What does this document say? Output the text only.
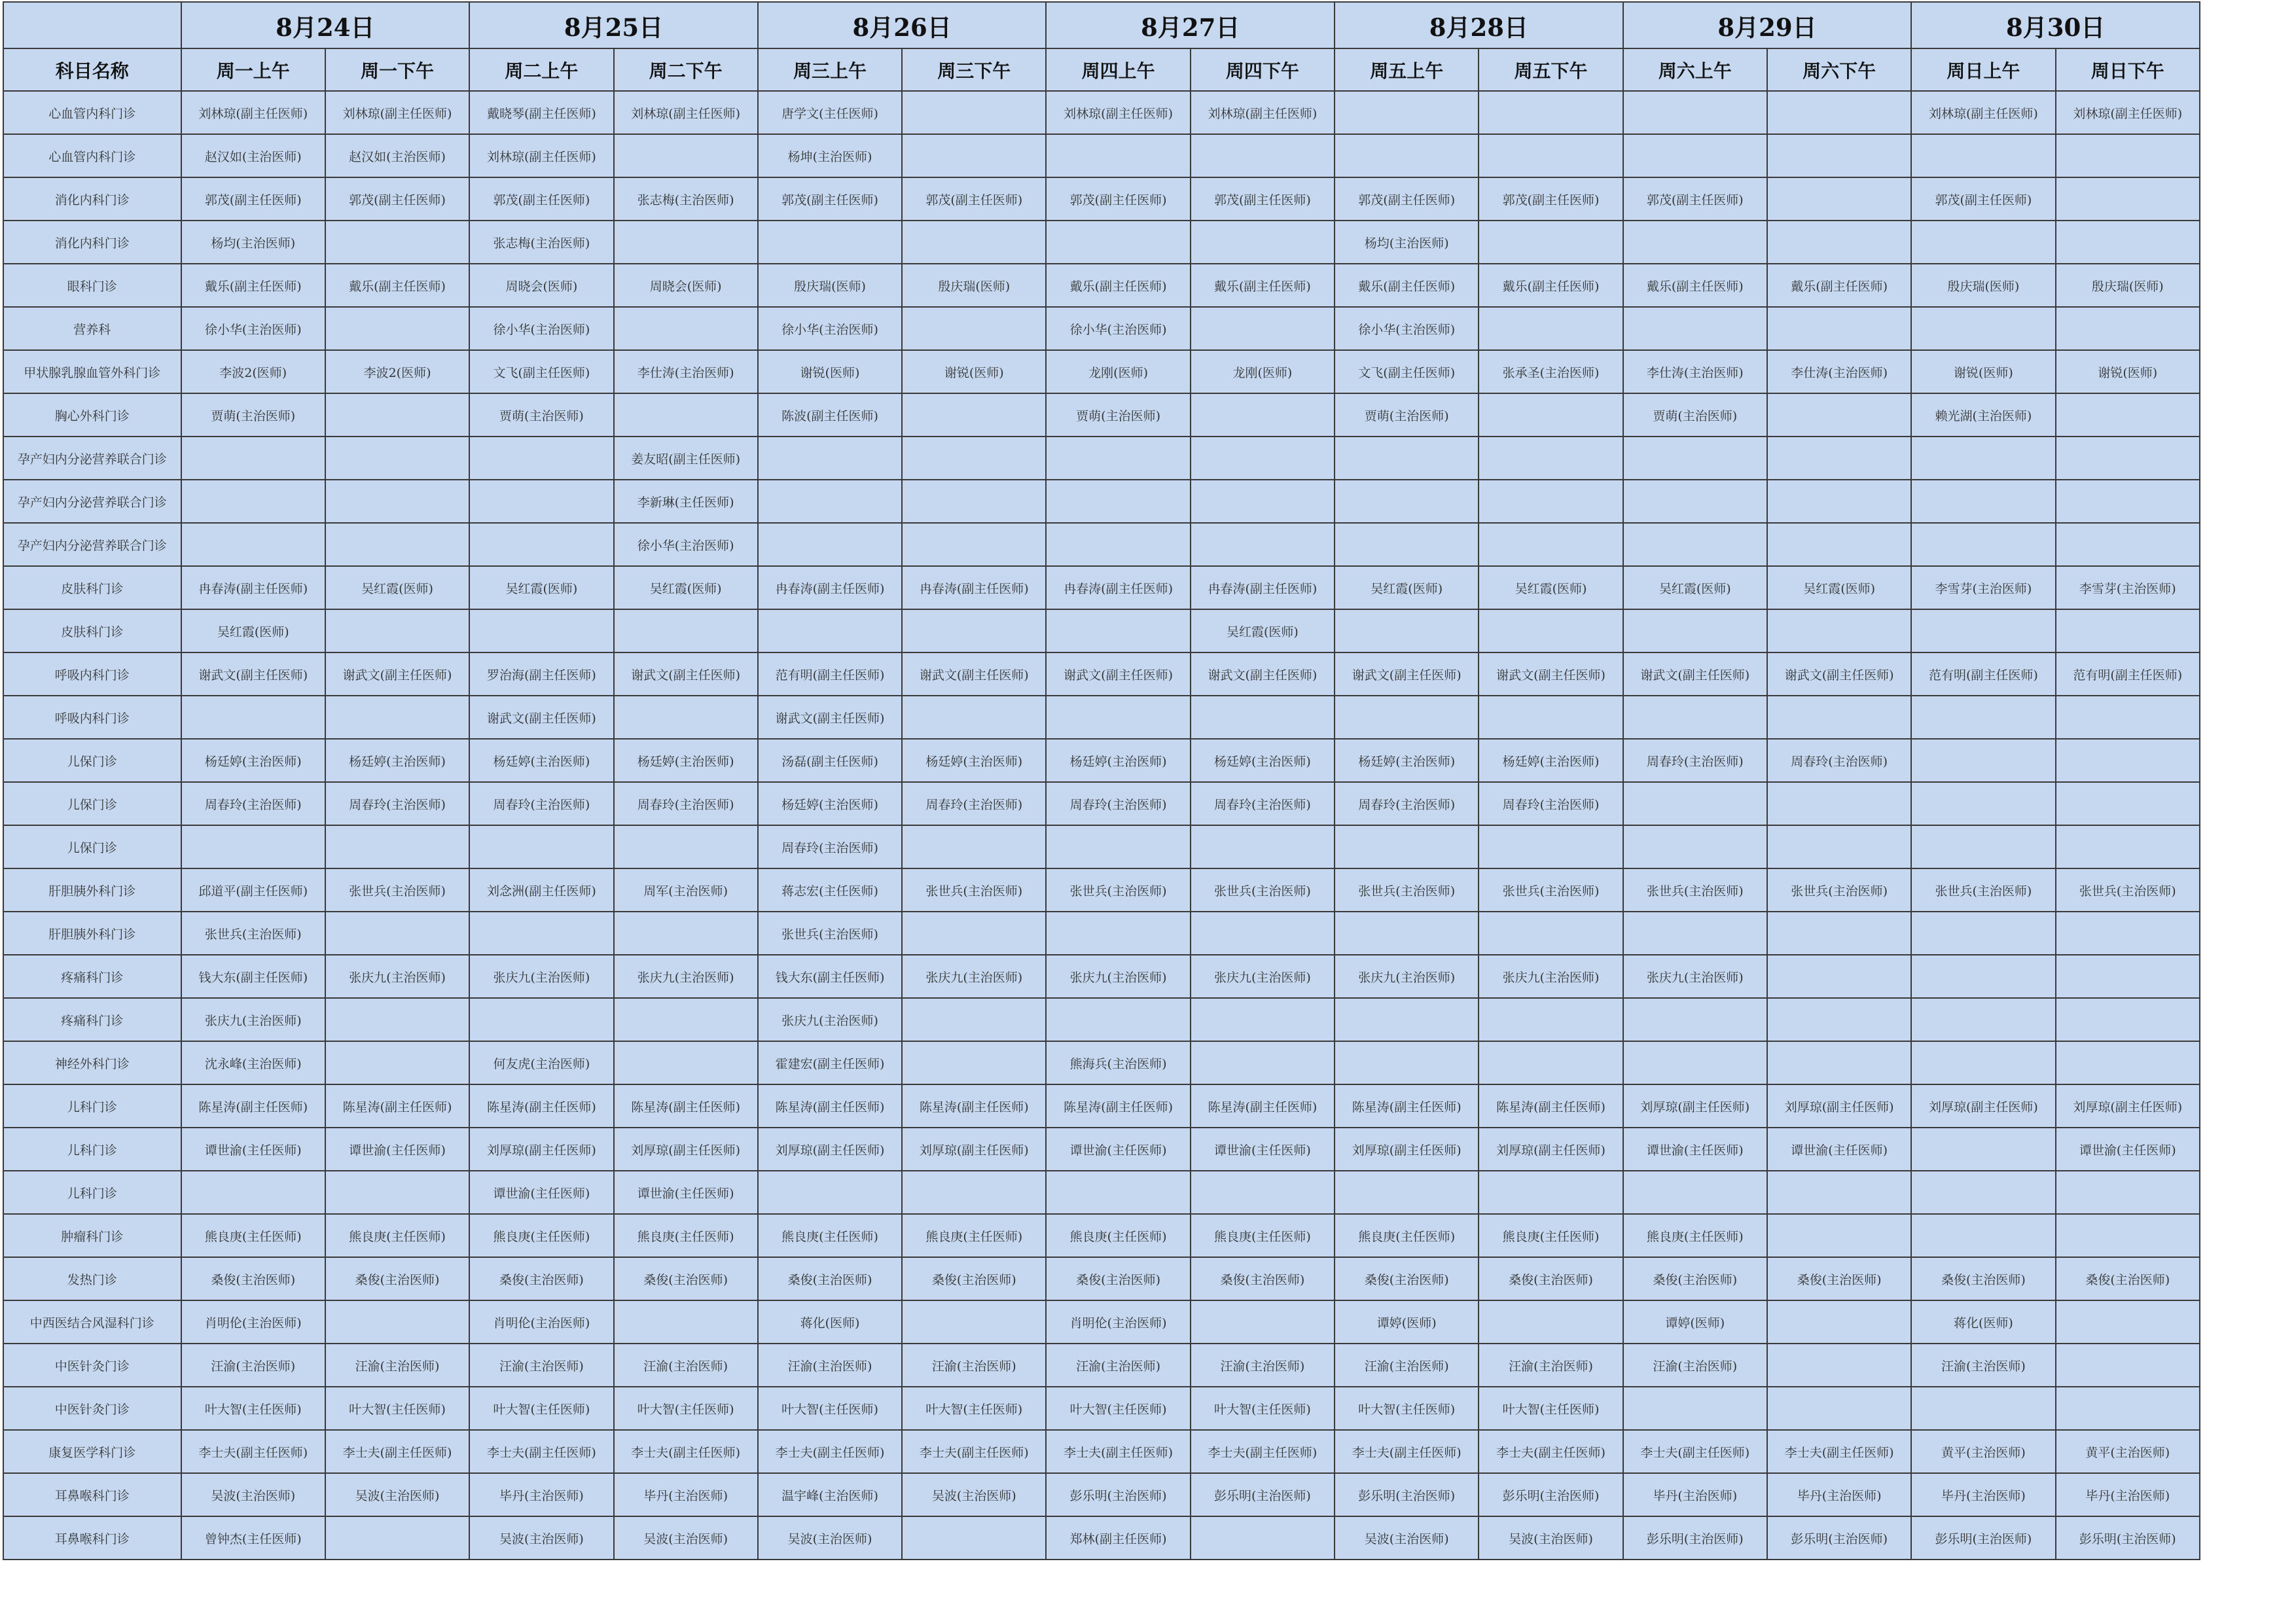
	8月24日		8月25日		8月26日		8月27日		8月28日		8月29日		8月30日	
科目名称	周一上午	周一下午	周二上午	周二下午	周三上午	周三下午	周四上午	周四下午	周五上午	周五下午	周六上午	周六下午	周日上午	周日下午
心血管内科门诊	刘林琼(副主任医师)	刘林琼(副主任医师)	戴晓琴(副主任医师)	刘林琼(副主任医师)	唐学文(主任医师)		刘林琼(副主任医师)	刘林琼(副主任医师)					刘林琼(副主任医师)	刘林琼(副主任医师)
心血管内科门诊	赵汉如(主治医师)	赵汉如(主治医师)	刘林琼(副主任医师)		杨坤(主治医师)									
消化内科门诊	郭茂(副主任医师)	郭茂(副主任医师)	郭茂(副主任医师)	张志梅(主治医师)	郭茂(副主任医师)	郭茂(副主任医师)	郭茂(副主任医师)	郭茂(副主任医师)	郭茂(副主任医师)	郭茂(副主任医师)	郭茂(副主任医师)		郭茂(副主任医师)	
消化内科门诊	杨均(主治医师)		张志梅(主治医师)						杨均(主治医师)					
眼科门诊	戴乐(副主任医师)	戴乐(副主任医师)	周晓会(医师)	周晓会(医师)	殷庆瑞(医师)	殷庆瑞(医师)	戴乐(副主任医师)	戴乐(副主任医师)	戴乐(副主任医师)	戴乐(副主任医师)	戴乐(副主任医师)	戴乐(副主任医师)	殷庆瑞(医师)	殷庆瑞(医师)
营养科	徐小华(主治医师)		徐小华(主治医师)		徐小华(主治医师)		徐小华(主治医师)		徐小华(主治医师)					
甲状腺乳腺血管外科门诊	李波2(医师)	李波2(医师)	文飞(副主任医师)	李仕涛(主治医师)	谢锐(医师)	谢锐(医师)	龙刚(医师)	龙刚(医师)	文飞(副主任医师)	张承圣(主治医师)	李仕涛(主治医师)	李仕涛(主治医师)	谢锐(医师)	谢锐(医师)
胸心外科门诊	贾萌(主治医师)		贾萌(主治医师)		陈波(副主任医师)		贾萌(主治医师)		贾萌(主治医师)		贾萌(主治医师)		赖光湖(主治医师)	
孕产妇内分泌营养联合门诊				姜友昭(副主任医师)										
孕产妇内分泌营养联合门诊				李新琳(主任医师)										
孕产妇内分泌营养联合门诊				徐小华(主治医师)										
皮肤科门诊	冉春涛(副主任医师)	吴红霞(医师)	吴红霞(医师)	吴红霞(医师)	冉春涛(副主任医师)	冉春涛(副主任医师)	冉春涛(副主任医师)	冉春涛(副主任医师)	吴红霞(医师)	吴红霞(医师)	吴红霞(医师)	吴红霞(医师)	李雪芽(主治医师)	李雪芽(主治医师)
皮肤科门诊	吴红霞(医师)							吴红霞(医师)						
呼吸内科门诊	谢武文(副主任医师)	谢武文(副主任医师)	罗治海(副主任医师)	谢武文(副主任医师)	范有明(副主任医师)	谢武文(副主任医师)	谢武文(副主任医师)	谢武文(副主任医师)	谢武文(副主任医师)	谢武文(副主任医师)	谢武文(副主任医师)	谢武文(副主任医师)	范有明(副主任医师)	范有明(副主任医师)
呼吸内科门诊			谢武文(副主任医师)		谢武文(副主任医师)									
儿保门诊	杨廷婷(主治医师)	杨廷婷(主治医师)	杨廷婷(主治医师)	杨廷婷(主治医师)	汤磊(副主任医师)	杨廷婷(主治医师)	杨廷婷(主治医师)	杨廷婷(主治医师)	杨廷婷(主治医师)	杨廷婷(主治医师)	周春玲(主治医师)	周春玲(主治医师)		
儿保门诊	周春玲(主治医师)	周春玲(主治医师)	周春玲(主治医师)	周春玲(主治医师)	杨廷婷(主治医师)	周春玲(主治医师)	周春玲(主治医师)	周春玲(主治医师)	周春玲(主治医师)	周春玲(主治医师)				
儿保门诊					周春玲(主治医师)									
肝胆胰外科门诊	邱道平(副主任医师)	张世兵(主治医师)	刘念洲(副主任医师)	周军(主治医师)	蒋志宏(主任医师)	张世兵(主治医师)	张世兵(主治医师)	张世兵(主治医师)	张世兵(主治医师)	张世兵(主治医师)	张世兵(主治医师)	张世兵(主治医师)	张世兵(主治医师)	张世兵(主治医师)
肝胆胰外科门诊	张世兵(主治医师)				张世兵(主治医师)									
疼痛科门诊	钱大东(副主任医师)	张庆九(主治医师)	张庆九(主治医师)	张庆九(主治医师)	钱大东(副主任医师)	张庆九(主治医师)	张庆九(主治医师)	张庆九(主治医师)	张庆九(主治医师)	张庆九(主治医师)	张庆九(主治医师)			
疼痛科门诊	张庆九(主治医师)				张庆九(主治医师)									
神经外科门诊	沈永峰(主治医师)		何友虎(主治医师)		霍建宏(副主任医师)		熊海兵(主治医师)							
儿科门诊	陈星涛(副主任医师)	陈星涛(副主任医师)	陈星涛(副主任医师)	陈星涛(副主任医师)	陈星涛(副主任医师)	陈星涛(副主任医师)	陈星涛(副主任医师)	陈星涛(副主任医师)	陈星涛(副主任医师)	陈星涛(副主任医师)	刘厚琼(副主任医师)	刘厚琼(副主任医师)	刘厚琼(副主任医师)	刘厚琼(副主任医师)
儿科门诊	谭世渝(主任医师)	谭世渝(主任医师)	刘厚琼(副主任医师)	刘厚琼(副主任医师)	刘厚琼(副主任医师)	刘厚琼(副主任医师)	谭世渝(主任医师)	谭世渝(主任医师)	刘厚琼(副主任医师)	刘厚琼(副主任医师)	谭世渝(主任医师)	谭世渝(主任医师)		谭世渝(主任医师)
儿科门诊			谭世渝(主任医师)	谭世渝(主任医师)										
肿瘤科门诊	熊良庚(主任医师)	熊良庚(主任医师)	熊良庚(主任医师)	熊良庚(主任医师)	熊良庚(主任医师)	熊良庚(主任医师)	熊良庚(主任医师)	熊良庚(主任医师)	熊良庚(主任医师)	熊良庚(主任医师)	熊良庚(主任医师)			
发热门诊	桑俊(主治医师)	桑俊(主治医师)	桑俊(主治医师)	桑俊(主治医师)	桑俊(主治医师)	桑俊(主治医师)	桑俊(主治医师)	桑俊(主治医师)	桑俊(主治医师)	桑俊(主治医师)	桑俊(主治医师)	桑俊(主治医师)	桑俊(主治医师)	桑俊(主治医师)
中西医结合风湿科门诊	肖明伦(主治医师)		肖明伦(主治医师)		蒋化(医师)		肖明伦(主治医师)		谭婷(医师)		谭婷(医师)		蒋化(医师)	
中医针灸门诊	汪渝(主治医师)	汪渝(主治医师)	汪渝(主治医师)	汪渝(主治医师)	汪渝(主治医师)	汪渝(主治医师)	汪渝(主治医师)	汪渝(主治医师)	汪渝(主治医师)	汪渝(主治医师)	汪渝(主治医师)		汪渝(主治医师)	
中医针灸门诊	叶大智(主任医师)	叶大智(主任医师)	叶大智(主任医师)	叶大智(主任医师)	叶大智(主任医师)	叶大智(主任医师)	叶大智(主任医师)	叶大智(主任医师)	叶大智(主任医师)	叶大智(主任医师)				
康复医学科门诊	李士夫(副主任医师)	李士夫(副主任医师)	李士夫(副主任医师)	李士夫(副主任医师)	李士夫(副主任医师)	李士夫(副主任医师)	李士夫(副主任医师)	李士夫(副主任医师)	李士夫(副主任医师)	李士夫(副主任医师)	李士夫(副主任医师)	李士夫(副主任医师)	黄平(主治医师)	黄平(主治医师)
耳鼻喉科门诊	吴波(主治医师)	吴波(主治医师)	毕丹(主治医师)	毕丹(主治医师)	温宇峰(主治医师)	吴波(主治医师)	彭乐明(主治医师)	彭乐明(主治医师)	彭乐明(主治医师)	彭乐明(主治医师)	毕丹(主治医师)	毕丹(主治医师)	毕丹(主治医师)	毕丹(主治医师)
耳鼻喉科门诊	曾钟杰(主任医师)		吴波(主治医师)	吴波(主治医师)	吴波(主治医师)		郑林(副主任医师)		吴波(主治医师)	吴波(主治医师)	彭乐明(主治医师)	彭乐明(主治医师)	彭乐明(主治医师)	彭乐明(主治医师)
